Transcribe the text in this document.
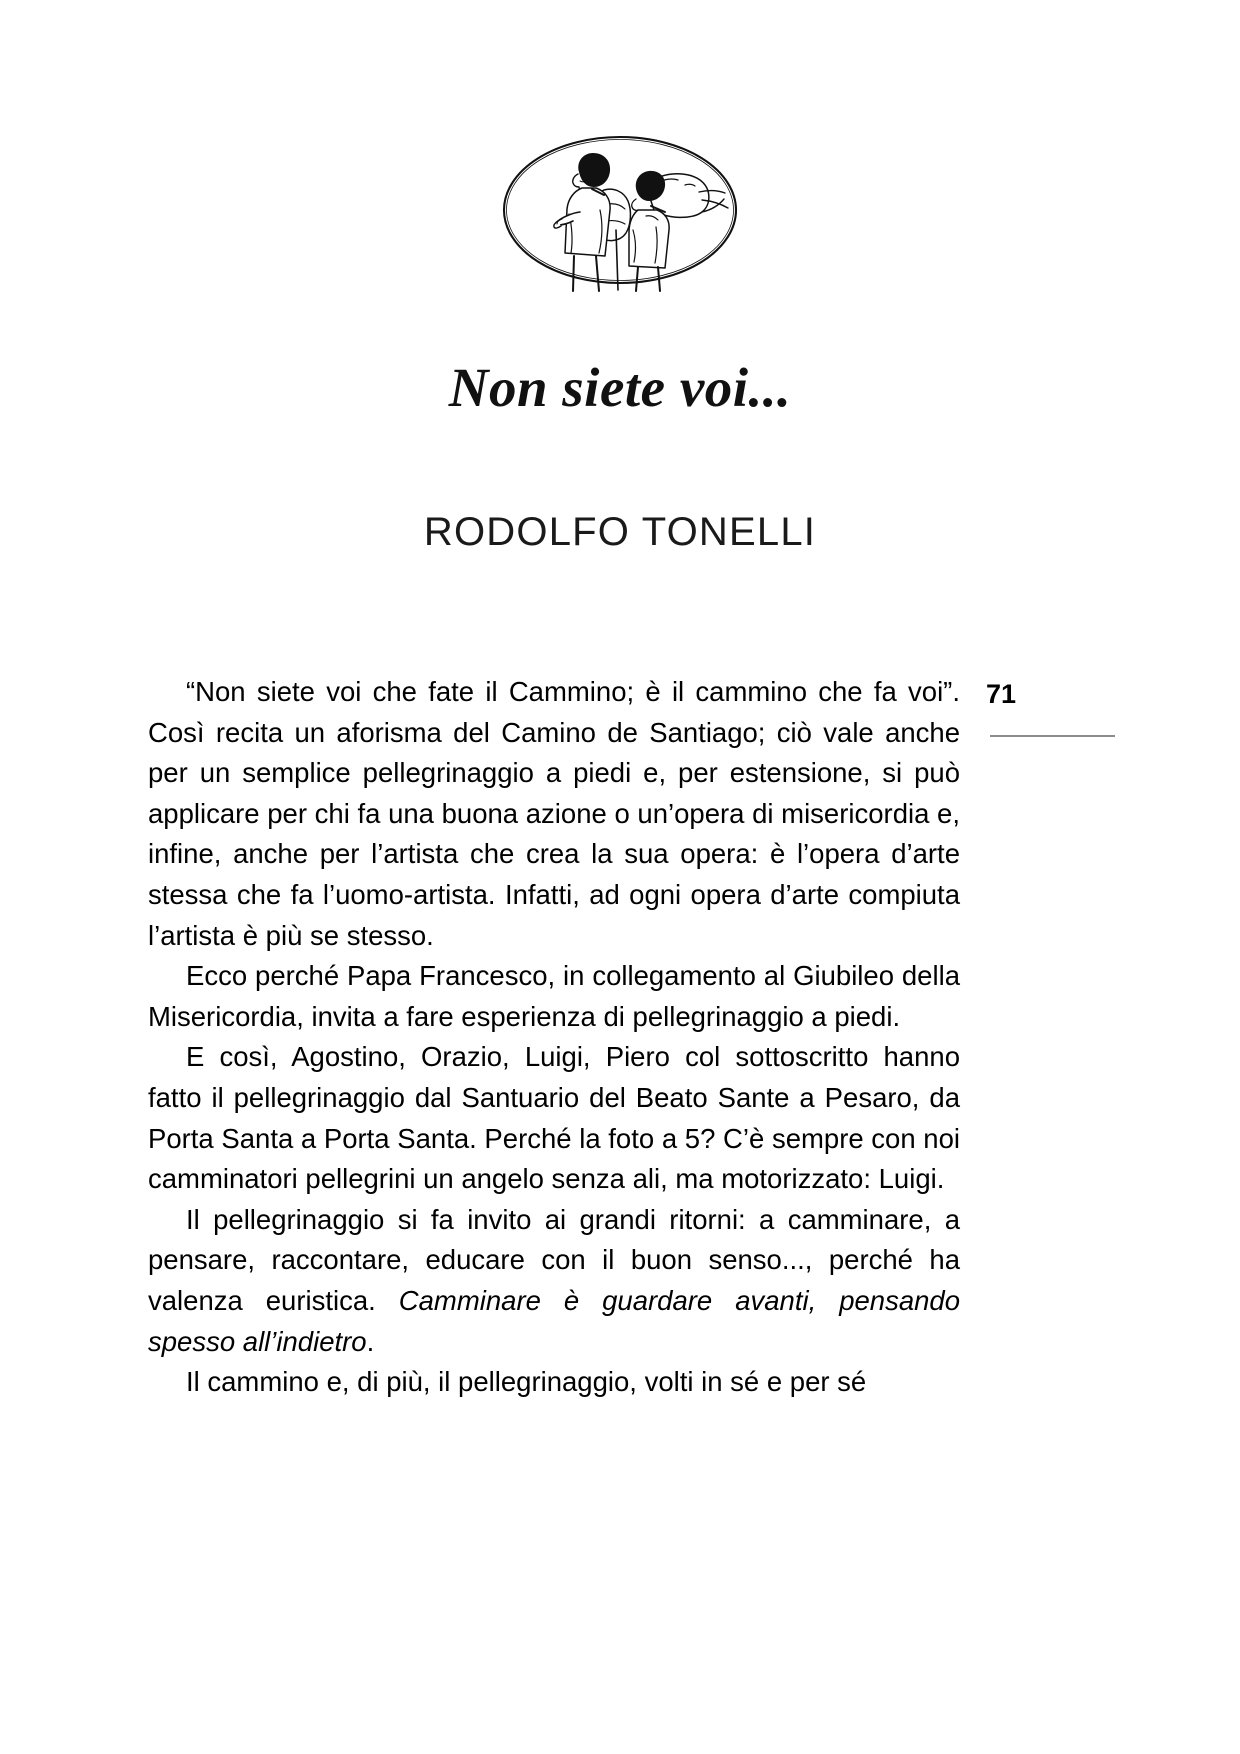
Non siete voi...
RODOLFO TONELLI
71

“Non siete voi che fate il Cammino; è il cammino che fa voi”. Così recita un aforisma del Camino de Santiago; ciò vale anche per un semplice pellegrinaggio a piedi e, per estensione, si può applicare per chi fa una buona azione o un’opera di misericordia e, infine, anche per l’artista che crea la sua opera: è l’opera d’arte stessa che fa l’uomo-artista. Infatti, ad ogni opera d’arte compiuta l’artista è più se stesso.

Ecco perché Papa Francesco, in collegamento al Giubileo della Misericordia, invita a fare esperienza di pellegrinaggio a piedi.

E così, Agostino, Orazio, Luigi, Piero col sottoscritto hanno fatto il pellegrinaggio dal Santuario del Beato Sante a Pesaro, da Porta Santa a Porta Santa. Perché la foto a 5? C’è sempre con noi camminatori pellegrini un angelo senza ali, ma motorizzato: Luigi.

Il pellegrinaggio si fa invito ai grandi ritorni: a camminare, a pensare, raccontare, educare con il buon senso..., perché ha valenza euristica. Camminare è guardare avanti, pensando spesso all’indietro.

Il cammino e, di più, il pellegrinaggio, volti in sé e per sé
